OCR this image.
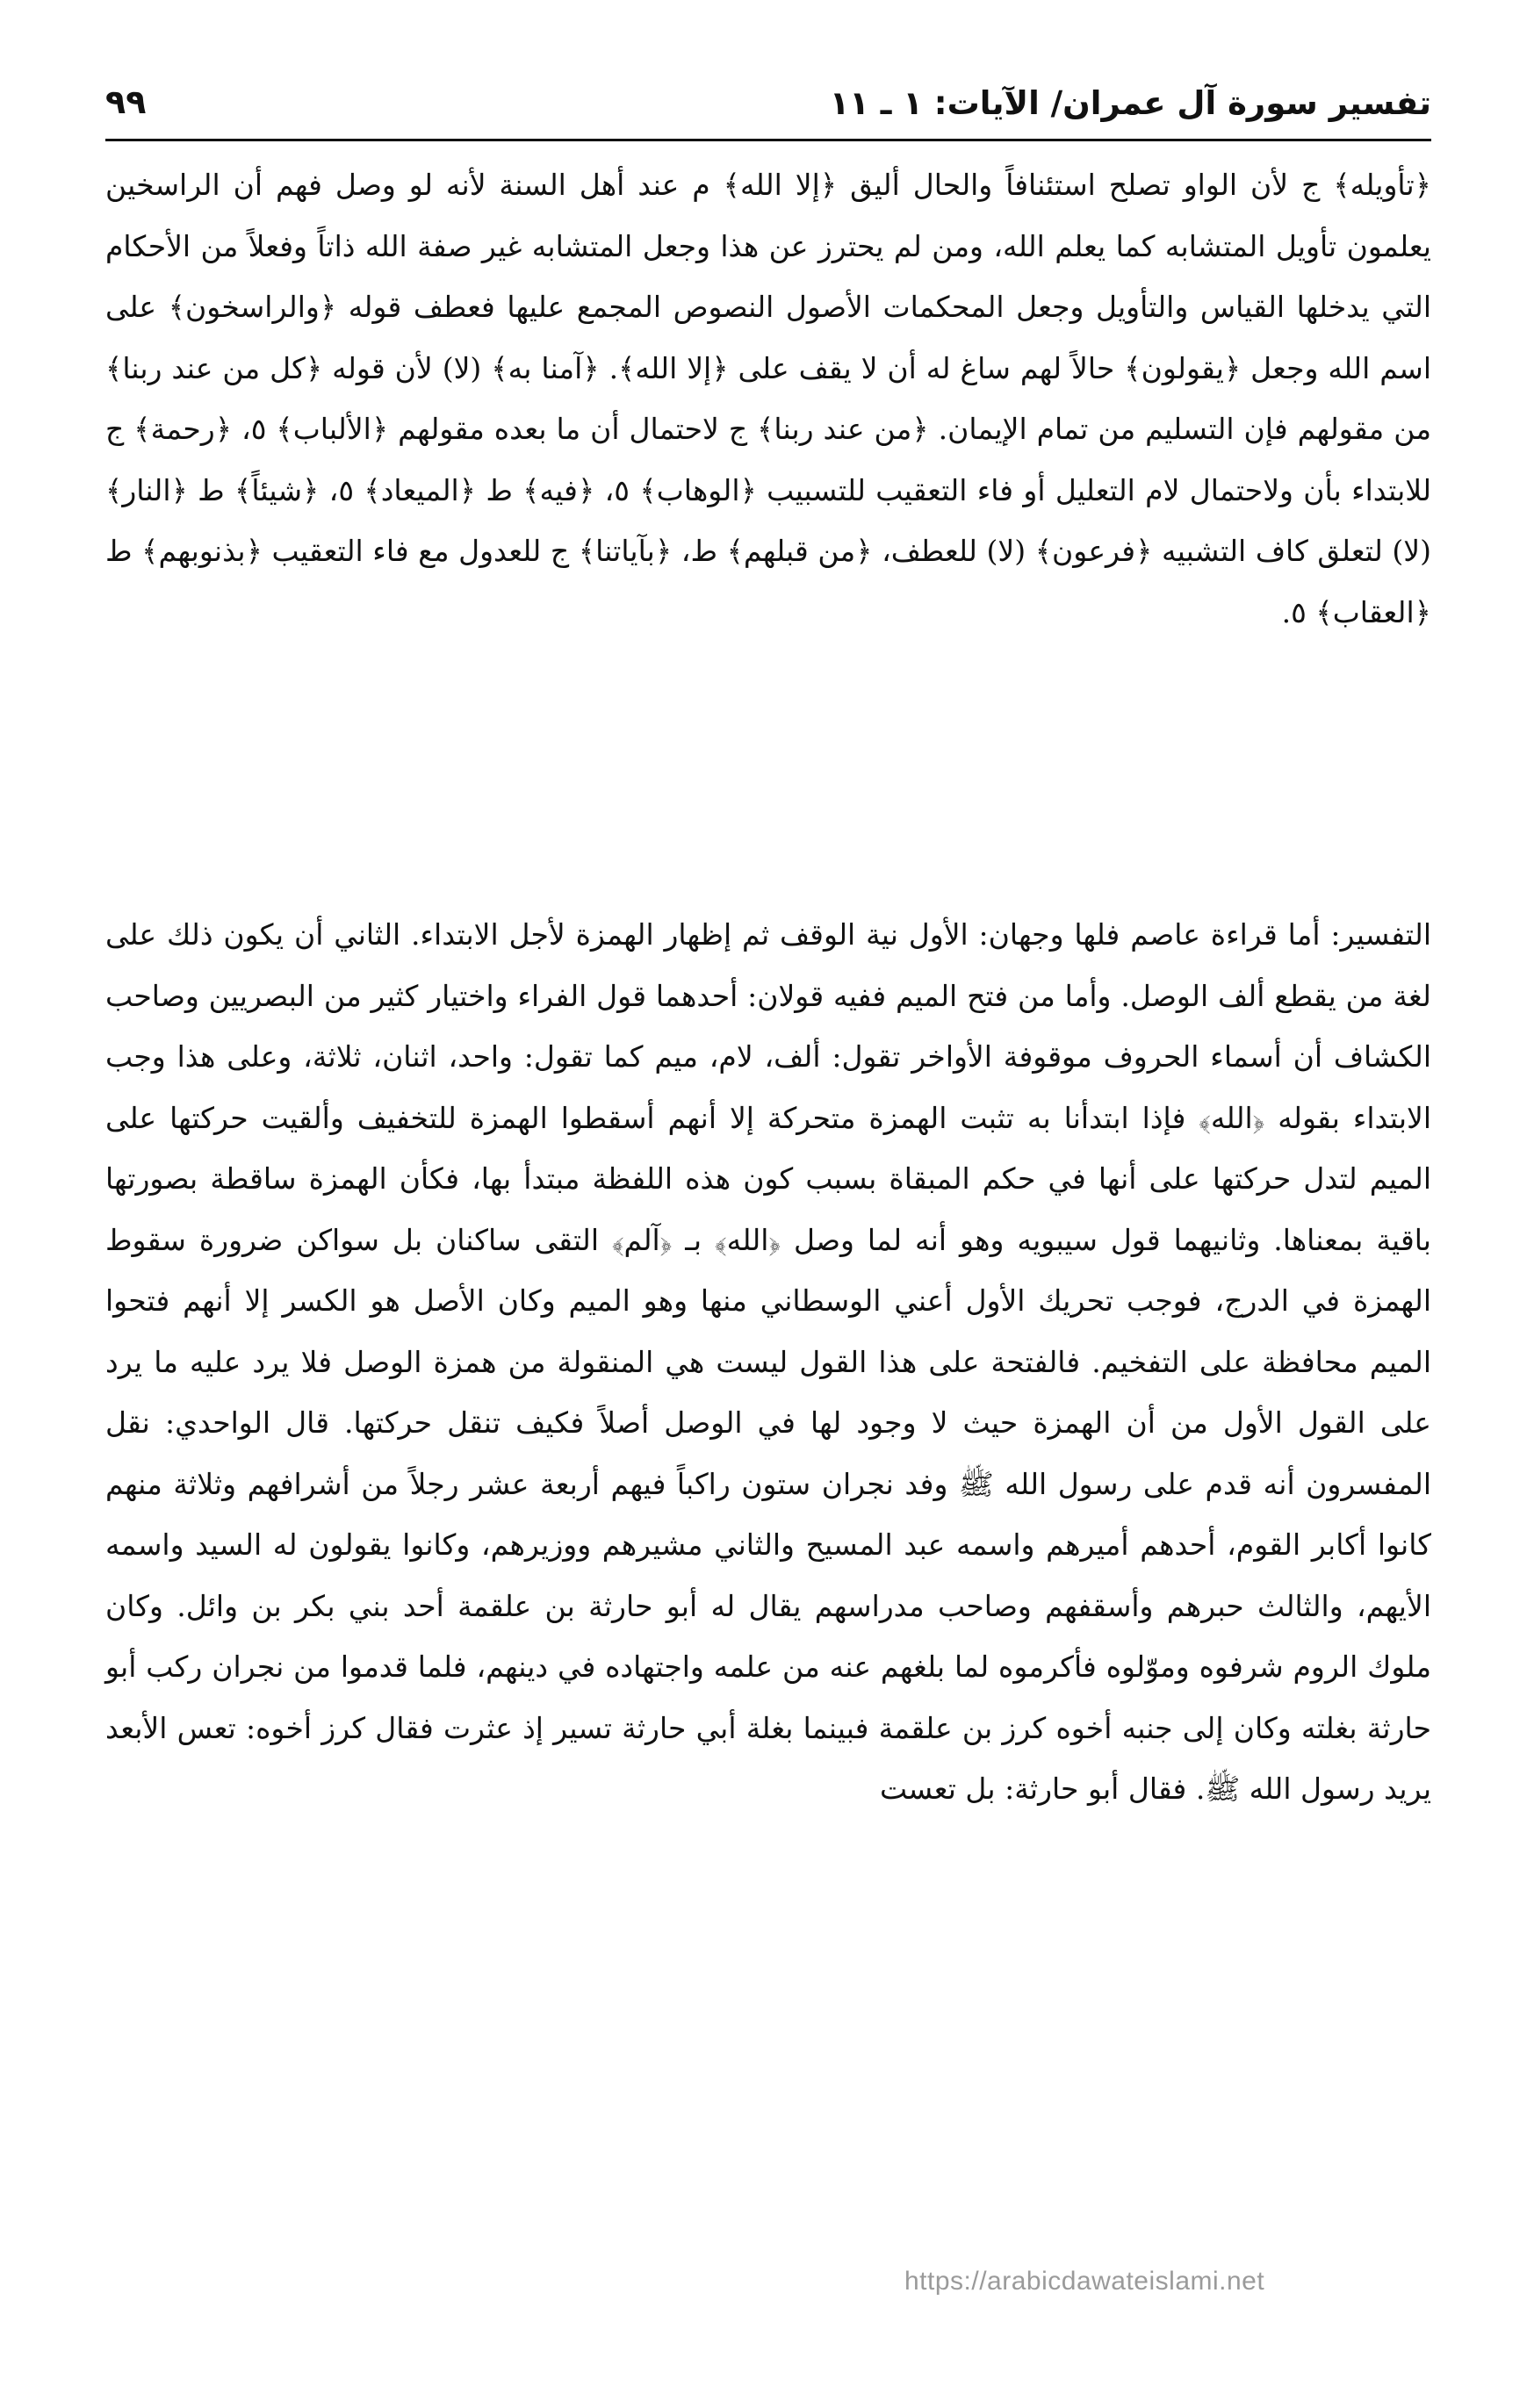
تفسير سورة آل عمران/ الآيات: ١ ـ ١١
٩٩

﴿تأويله﴾ ج لأن الواو تصلح استئنافاً والحال أليق ﴿إلا الله﴾ م عند أهل السنة لأنه لو وصل فهم أن الراسخين يعلمون تأويل المتشابه كما يعلم الله، ومن لم يحترز عن هذا وجعل المتشابه غير صفة الله ذاتاً وفعلاً من الأحكام التي يدخلها القياس والتأويل وجعل المحكمات الأصول النصوص المجمع عليها فعطف قوله ﴿والراسخون﴾ على اسم الله وجعل ﴿يقولون﴾ حالاً لهم ساغ له أن لا يقف على ﴿إلا الله﴾. ﴿آمنا به﴾ (لا) لأن قوله ﴿كل من عند ربنا﴾ من مقولهم فإن التسليم من تمام الإيمان. ﴿من عند ربنا﴾ ج لاحتمال أن ما بعده مقولهم ﴿الألباب﴾ ٥، ﴿رحمة﴾ ج للابتداء بأن ولاحتمال لام التعليل أو فاء التعقيب للتسبيب ﴿الوهاب﴾ ٥، ﴿فيه﴾ ط ﴿الميعاد﴾ ٥، ﴿شيئاً﴾ ط ﴿النار﴾ (لا) لتعلق كاف التشبيه ﴿فرعون﴾ (لا) للعطف، ﴿من قبلهم﴾ ط، ﴿بآياتنا﴾ ج للعدول مع فاء التعقيب ﴿بذنوبهم﴾ ط ﴿العقاب﴾ ٥.

التفسير: أما قراءة عاصم فلها وجهان: الأول نية الوقف ثم إظهار الهمزة لأجل الابتداء. الثاني أن يكون ذلك على لغة من يقطع ألف الوصل. وأما من فتح الميم ففيه قولان: أحدهما قول الفراء واختيار كثير من البصريين وصاحب الكشاف أن أسماء الحروف موقوفة الأواخر تقول: ألف، لام، ميم كما تقول: واحد، اثنان، ثلاثة، وعلى هذا وجب الابتداء بقوله ﴿الله﴾ فإذا ابتدأنا به تثبت الهمزة متحركة إلا أنهم أسقطوا الهمزة للتخفيف وألقيت حركتها على الميم لتدل حركتها على أنها في حكم المبقاة بسبب كون هذه اللفظة مبتدأ بها، فكأن الهمزة ساقطة بصورتها باقية بمعناها. وثانيهما قول سيبويه وهو أنه لما وصل ﴿الله﴾ بـ ﴿آلم﴾ التقى ساكنان بل سواكن ضرورة سقوط الهمزة في الدرج، فوجب تحريك الأول أعني الوسطاني منها وهو الميم وكان الأصل هو الكسر إلا أنهم فتحوا الميم محافظة على التفخيم. فالفتحة على هذا القول ليست هي المنقولة من همزة الوصل فلا يرد عليه ما يرد على القول الأول من أن الهمزة حيث لا وجود لها في الوصل أصلاً فكيف تنقل حركتها. قال الواحدي: نقل المفسرون أنه قدم على رسول الله ﷺ وفد نجران ستون راكباً فيهم أربعة عشر رجلاً من أشرافهم وثلاثة منهم كانوا أكابر القوم، أحدهم أميرهم واسمه عبد المسيح والثاني مشيرهم ووزيرهم، وكانوا يقولون له السيد واسمه الأيهم، والثالث حبرهم وأسقفهم وصاحب مدراسهم يقال له أبو حارثة بن علقمة أحد بني بكر بن وائل. وكان ملوك الروم شرفوه وموّلوه فأكرموه لما بلغهم عنه من علمه واجتهاده في دينهم، فلما قدموا من نجران ركب أبو حارثة بغلته وكان إلى جنبه أخوه كرز بن علقمة فبينما بغلة أبي حارثة تسير إذ عثرت فقال كرز أخوه: تعس الأبعد يريد رسول الله ﷺ. فقال أبو حارثة: بل تعست

https://arabicdawateislami.net
